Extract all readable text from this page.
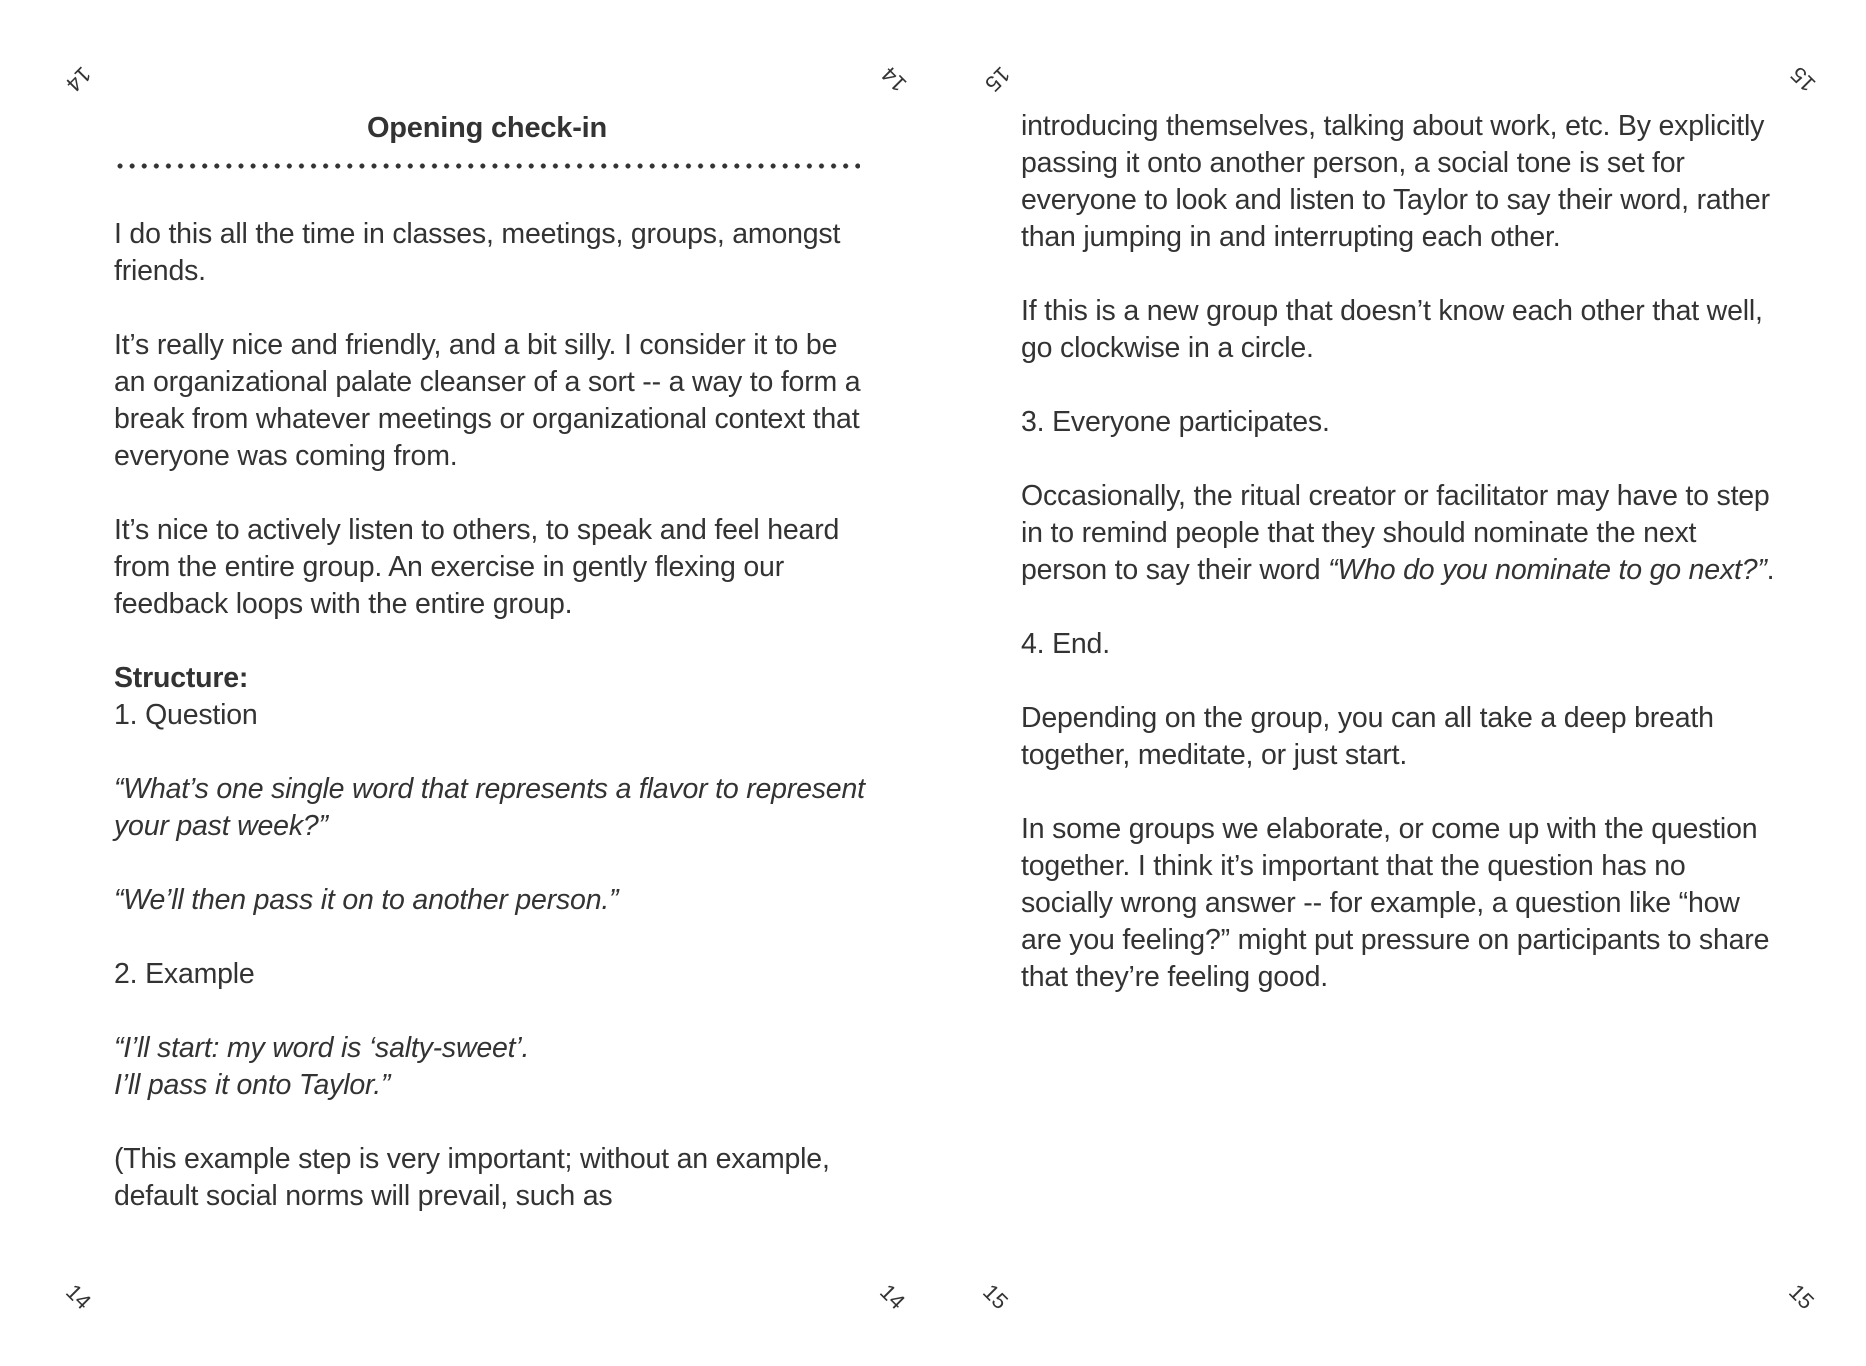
14	14
14	14
Opening check-in

I do this all the time in classes, meetings, groups, amongst friends.

It’s really nice and friendly, and a bit silly. I consider it to be an organizational palate cleanser of a sort -- a way to form a break from whatever meetings or organizational context that everyone was coming from.

It’s nice to actively listen to others, to speak and feel heard from the entire group. An exercise in gently flexing our feedback loops with the entire group.

Structure:

1. Question

“What’s one single word that represents a flavor to represent your past week?”

“We’ll then pass it on to another person.”

2. Example

“I’ll start: my word is ‘salty-sweet’.

I’ll pass it onto Taylor.”

(This example step is very important; without an example, default social norms will prevail, such as

15	15
15	15

introducing themselves, talking about work, etc. By explicitly passing it onto another person, a social tone is set for everyone to look and listen to Taylor to say their word, rather than jumping in and interrupting each other.

If this is a new group that doesn’t know each other that well, go clockwise in a circle.

3. Everyone participates.

Occasionally, the ritual creator or facilitator may have to step in to remind people that they should nominate the next person to say their word “Who do you nominate to go next?”.

4. End.

Depending on the group, you can all take a deep breath together, meditate, or just start.

In some groups we elaborate, or come up with the question together. I think it’s important that the question has no socially wrong answer -- for example, a question like “how are you feeling?” might put pressure on participants to share that they’re feeling good.
